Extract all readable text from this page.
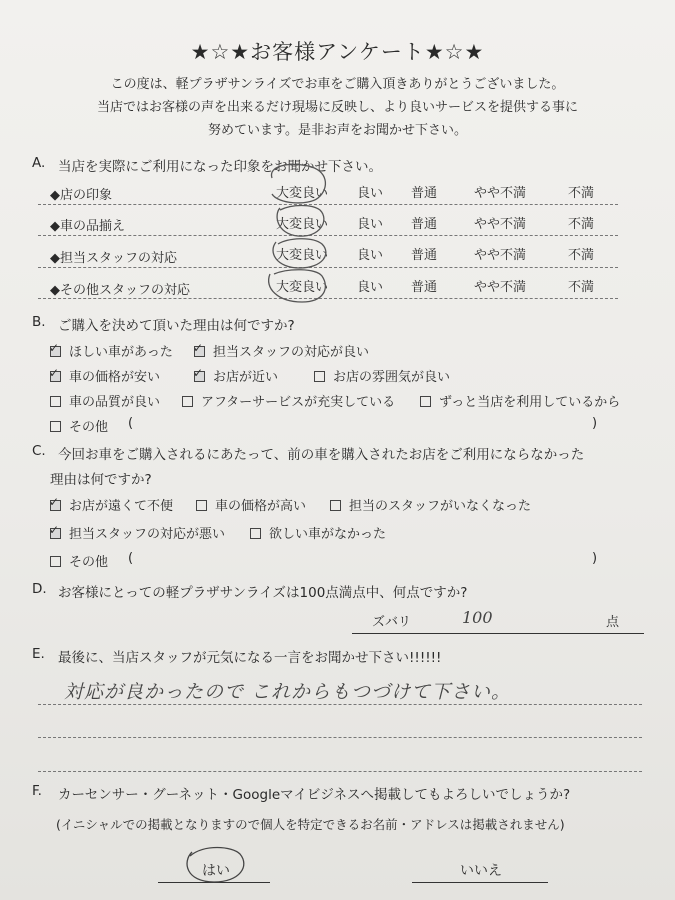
★☆★お客様アンケート★☆★
この度は、軽プラザサンライズでお車をご購入頂きありがとうございました。
当店ではお客様の声を出来るだけ現場に反映し、より良いサービスを提供する事に
努めています。是非お声をお聞かせ下さい。
A. 当店を実際にご利用になった印象をお聞かせ下さい。
◆店の印象	大変良い 良い 普通	やや不満	不満
◆車の品揃え	大変良い 良い 普通	やや不満	不満
◆担当スタッフの対応	大変良い 良い 普通	やや不満	不満
◆その他スタッフの対応	大変良い 良い 普通	やや不満	不満
B. ご購入を決めて頂いた理由は何ですか?
✓ ほしい車があった ✓ 担当スタッフの対応が良い
✓ 車の価格が安い	✓ お店が近い	お店の雰囲気が良い
車の品質が良い	アフターサービスが充実している	ずっと当店を利用しているから
その他 (	)
C. 今回お車をご購入されるにあたって、前の車を購入されたお店をご利用にならなかった
理由は何ですか?
✓ お店が遠くて不便	車の価格が高い	担当のスタッフがいなくなった
✓ 担当スタッフの対応が悪い	欲しい車がなかった
その他 (	)
D. お客様にとっての軽プラザサンライズは100点満点中、何点ですか?
ズバリ	100	点
E. 最後に、当店スタッフが元気になる一言をお聞かせ下さい!!!!!!
対応が良かったので これからもつづけて下さい。
F. カーセンサー・グーネット・Googleマイビジネスへ掲載してもよろしいでしょうか?
(イニシャルでの掲載となりますので個人を特定できるお名前・アドレスは掲載されません)
はい	いいえ
